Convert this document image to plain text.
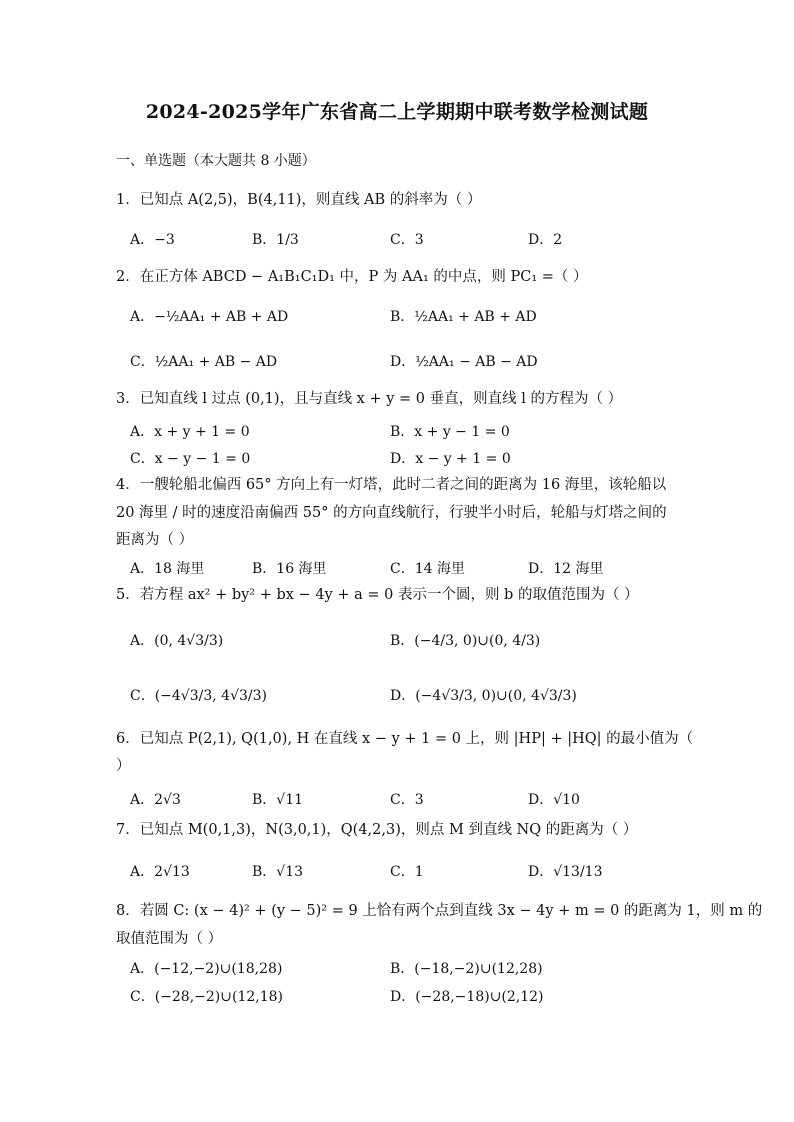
2024-2025学年广东省高二上学期期中联考数学检测试题
一、单选题（本大题共 8 小题）
1．已知点 A(2,5)，B(4,11)，则直线 AB 的斜率为（ ）
A．−3	B．1/3	C．3	D．2
2．在正方体 ABCD − A₁B₁C₁D₁ 中，P 为 AA₁ 的中点，则 PC₁ =（ ）
A．−½AA₁ + AB + AD	B．½AA₁ + AB + AD
C．½AA₁ + AB − AD	D．½AA₁ − AB − AD
3．已知直线 l 过点 (0,1)，且与直线 x + y = 0 垂直，则直线 l 的方程为（ ）
A．x + y + 1 = 0	B．x + y − 1 = 0
C．x − y − 1 = 0	D．x − y + 1 = 0
4．一艘轮船北偏西 65° 方向上有一灯塔，此时二者之间的距离为 16 海里，该轮船以
20 海里 / 时的速度沿南偏西 55° 的方向直线航行，行驶半小时后，轮船与灯塔之间的
距离为（ ）
A．18 海里	B．16 海里	C．14 海里	D．12 海里
5．若方程 ax² + by² + bx − 4y + a = 0 表示一个圆，则 b 的取值范围为（ ）
A．(0, 4√3/3)	B．(−4/3, 0)∪(0, 4/3)
C．(−4√3/3, 4√3/3)	D．(−4√3/3, 0)∪(0, 4√3/3)
6．已知点 P(2,1), Q(1,0), H 在直线 x − y + 1 = 0 上，则 |HP| + |HQ| 的最小值为（
）
A．2√3	B．√11	C．3	D．√10
7．已知点 M(0,1,3)，N(3,0,1)，Q(4,2,3)，则点 M 到直线 NQ 的距离为（ ）
A．2√13	B．√13	C．1	D．√13/13
8．若圆 C: (x − 4)² + (y − 5)² = 9 上恰有两个点到直线 3x − 4y + m = 0 的距离为 1，则 m 的
取值范围为（ ）
A．(−12,−2)∪(18,28)	B．(−18,−2)∪(12,28)
C．(−28,−2)∪(12,18)	D．(−28,−18)∪(2,12)
